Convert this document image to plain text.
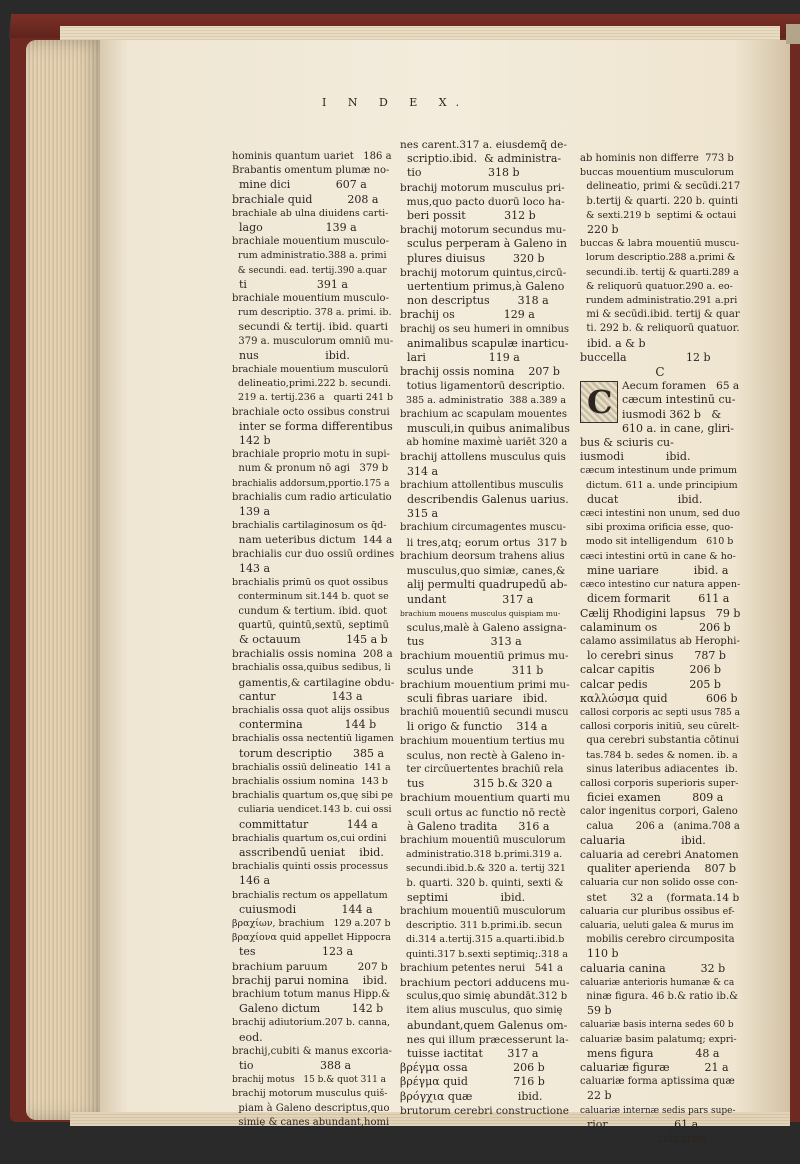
I N D E X.
hominis quantum uariet   186 a
Brabantis omentum plumæ no-
mine dici             607 a
brachiale quid          208 a
brachiale ab ulna diuidens carti-
lago                  139 a
brachiale mouentium musculo-
rum administratio.388 a. primi
& secundi. ead. tertij.390 a.quar
ti                    391 a
brachiale mouentium musculo-
rum descriptio. 378 a. primi. ib.
secundi & tertij. ibid. quarti
379 a. musculorum omniū mu-
nus                   ibid.
brachiale mouentium musculorū
delineatio,primi.222 b. secundi.
219 a. tertij.236 a   quarti 241 b
brachiale octo ossibus construi
inter se forma differentibus
142 b
brachiale proprio motu in supi-
num & pronum nō agi   379 b
brachialis addorsum,pportio.175 a
brachialis cum radio articulatio
139 a
brachialis cartilaginosum os q̄d-
nam ueteribus dictum  144 a
brachialis cur duo ossiū ordines
143 a
brachialis primū os quot ossibus
conterminum sit.144 b. quot se
cundum & tertium. ibid. quot
quartū, quintū,sextū, septimū
& octauum             145 a b
brachialis ossis nomina  208 a
brachialis ossa,quibus sedibus, li
gamentis,& cartilagine obdu-
cantur                143 a
brachialis ossa quot alijs ossibus
contermina            144 b
brachialis ossa nectentiū ligamen
torum descriptio      385 a
brachialis ossiū delineatio  141 a
brachialis ossium nomina  143 b
brachialis quartum os,quę sibi pe
culiaria uendicet.143 b. cui ossi
committatur           144 a
brachialis quartum os,cui ordini
asscribendū ueniat    ibid.
brachialis quinti ossis processus
146 a
brachialis rectum os appellatum
cuiusmodi             144 a
βραχίων, brachium   129 a.207 b
βραχίονα quid appellet Hippocra
tes                   123 a
brachium paruum         207 b
brachij parui nomina    ibid.
brachium totum manus Hipp.&
Galeno dictum         142 b
brachij adiutorium.207 b. canna,
eod.
brachij,cubiti & manus excoria-
tio                   388 a
brachij motus   15 b.& quot 311 a
brachij motorum musculus quiš-
piam à Galeno descriptus,quo
simię & canes abundant,homi
nes carent.317 a. eiusdemq̄ de-
scriptio.ibid.  & administra-
tio                   318 b
brachij motorum musculus pri-
mus,quo pacto duorū loco ha-
beri possit           312 b
brachij motorum secundus mu-
sculus perperam à Galeno in
plures diuisus        320 b
brachij motorum quintus,circū-
uertentium primus,à Galeno
non descriptus        318 a
brachij os              129 a
brachij os seu humeri in omnibus
animalibus scapulæ inarticu-
lari                  119 a
brachij ossis nomina    207 b
totius ligamentorū descriptio.
385 a. administratio  388 a.389 a
brachium ac scapulam mouentes
musculi,in quibus animalibus
ab homine maximè uariēt 320 a
brachij attollens musculus quis
314 a
brachium attollentibus musculis
describendis Galenus uarius.
315 a
brachium circumagentes muscu-
li tres,atq; eorum ortus  317 b
brachium deorsum trahens alius
musculus,quo simiæ, canes,&
alij permulti quadrupedū ab-
undant                317 a
brachium mouens musculus quispiam mu-
sculus,malè à Galeno assigna-
tus                   313 a
brachium mouentiū primus mu-
sculus unde           311 b
brachium mouentium primi mu-
sculi fibras uariare   ibid.
brachiū mouentiū secundi muscu
li origo & functio    314 a
brachium mouentium tertius mu
sculus, non rectè à Galeno in-
ter circūuertentes brachiū rela
tus              315 b.& 320 a
brachium mouentium quarti mu
sculi ortus ac functio nō rectè
à Galeno tradita      316 a
brachium mouentiū musculorum
administratio.318 b.primi.319 a.
secundi.ibid.b.& 320 a. tertij 321
b. quarti. 320 b. quinti, sexti &
septimi               ibid.
brachium mouentiū musculorum
descriptio. 311 b.primi.ib. secun
di.314 a.tertij.315 a.quarti.ibid.b
quinti.317 b.sexti septimiq;.318 a
brachium petentes nerui   541 a
brachium pectori adducens mu-
sculus,quo simię abundāt.312 b
item alius musculus, quo simię
abundant,quem Galenus om-
nes qui illum præcesserunt la-
tuisse iactitat       317 a
βρέγμα ossa             206 b
βρέγμα quid             716 b
βρόγχια quæ             ibid.
brutorum cerebri constructione
ab hominis non differre  773 b
buccas mouentium musculorum
delineatio, primi & secūdi.217
b.tertij & quarti. 220 b. quinti
& sexti.219 b  septimi & octaui
220 b
buccas & labra mouentiū muscu-
lorum descriptio.288 a.primi &
secundi.ib. tertij & quarti.289 a
& reliquorū quatuor.290 a. eo-
rundem administratio.291 a.pri
mi & secūdi.ibid. tertij & quar
ti. 292 b. & reliquorū quatuor.
ibid. a & b
buccella                 12 b
C
C Aecum foramen   65 a
cæcum intestinū cu-
iusmodi 362 b   &
610 a. in cane, gliri-
bus & sciuris cu-
iusmodi            ibid.
cæcum intestinum unde primum
dictum. 611 a. unde principium
ducat                 ibid.
cæci intestini non unum, sed duo
sibi proxima orificia esse, quo-
modo sit intelligendum   610 b
cæci intestini ortū in cane & ho-
mine uariare          ibid. a
cæco intestino cur natura appen-
dicem formarit        611 a
Cælij Rhodigini lapsus   79 b
calaminum os            206 b
calamo assimilatus ab Herophi-
lo cerebri sinus      787 b
calcar capitis          206 b
calcar pedis            205 b
καλλώσμα quid           606 b
callosi corporis ac septi usus 785 a
callosi corporis initiū, seu cūrelt-
qua cerebri substantia cōtinui
tas.784 b. sedes & nomen. ib. a
sinus lateribus adiacentes  ib.
callosi corporis superioris super-
ficiei examen         809 a
calor ingenitus corpori, Galeno
calua       206 a   (anima.708 a
caluaria                ibid.
caluaria ad cerebri Anatomen
qualiter aperienda    807 b
caluaria cur non solido osse con-
stet       32 a    (formata.14 b
caluaria cur pluribus ossibus ef-
caluaria, ueluti galea & murus im
mobilis cerebro circumposita
110 b
caluaria canina          32 b
caluariæ anterioris humanæ & ca
ninæ figura. 46 b.& ratio ib.&
59 b
caluariæ basis interna sedes 60 b
caluariæ basim palatumq; expri-
mens figura            48 a
caluariæ figuræ          21 a
caluariæ forma aptissima quæ
22 b
caluariæ internæ sedis pars supe-
rior                   61 a
caluariæ
